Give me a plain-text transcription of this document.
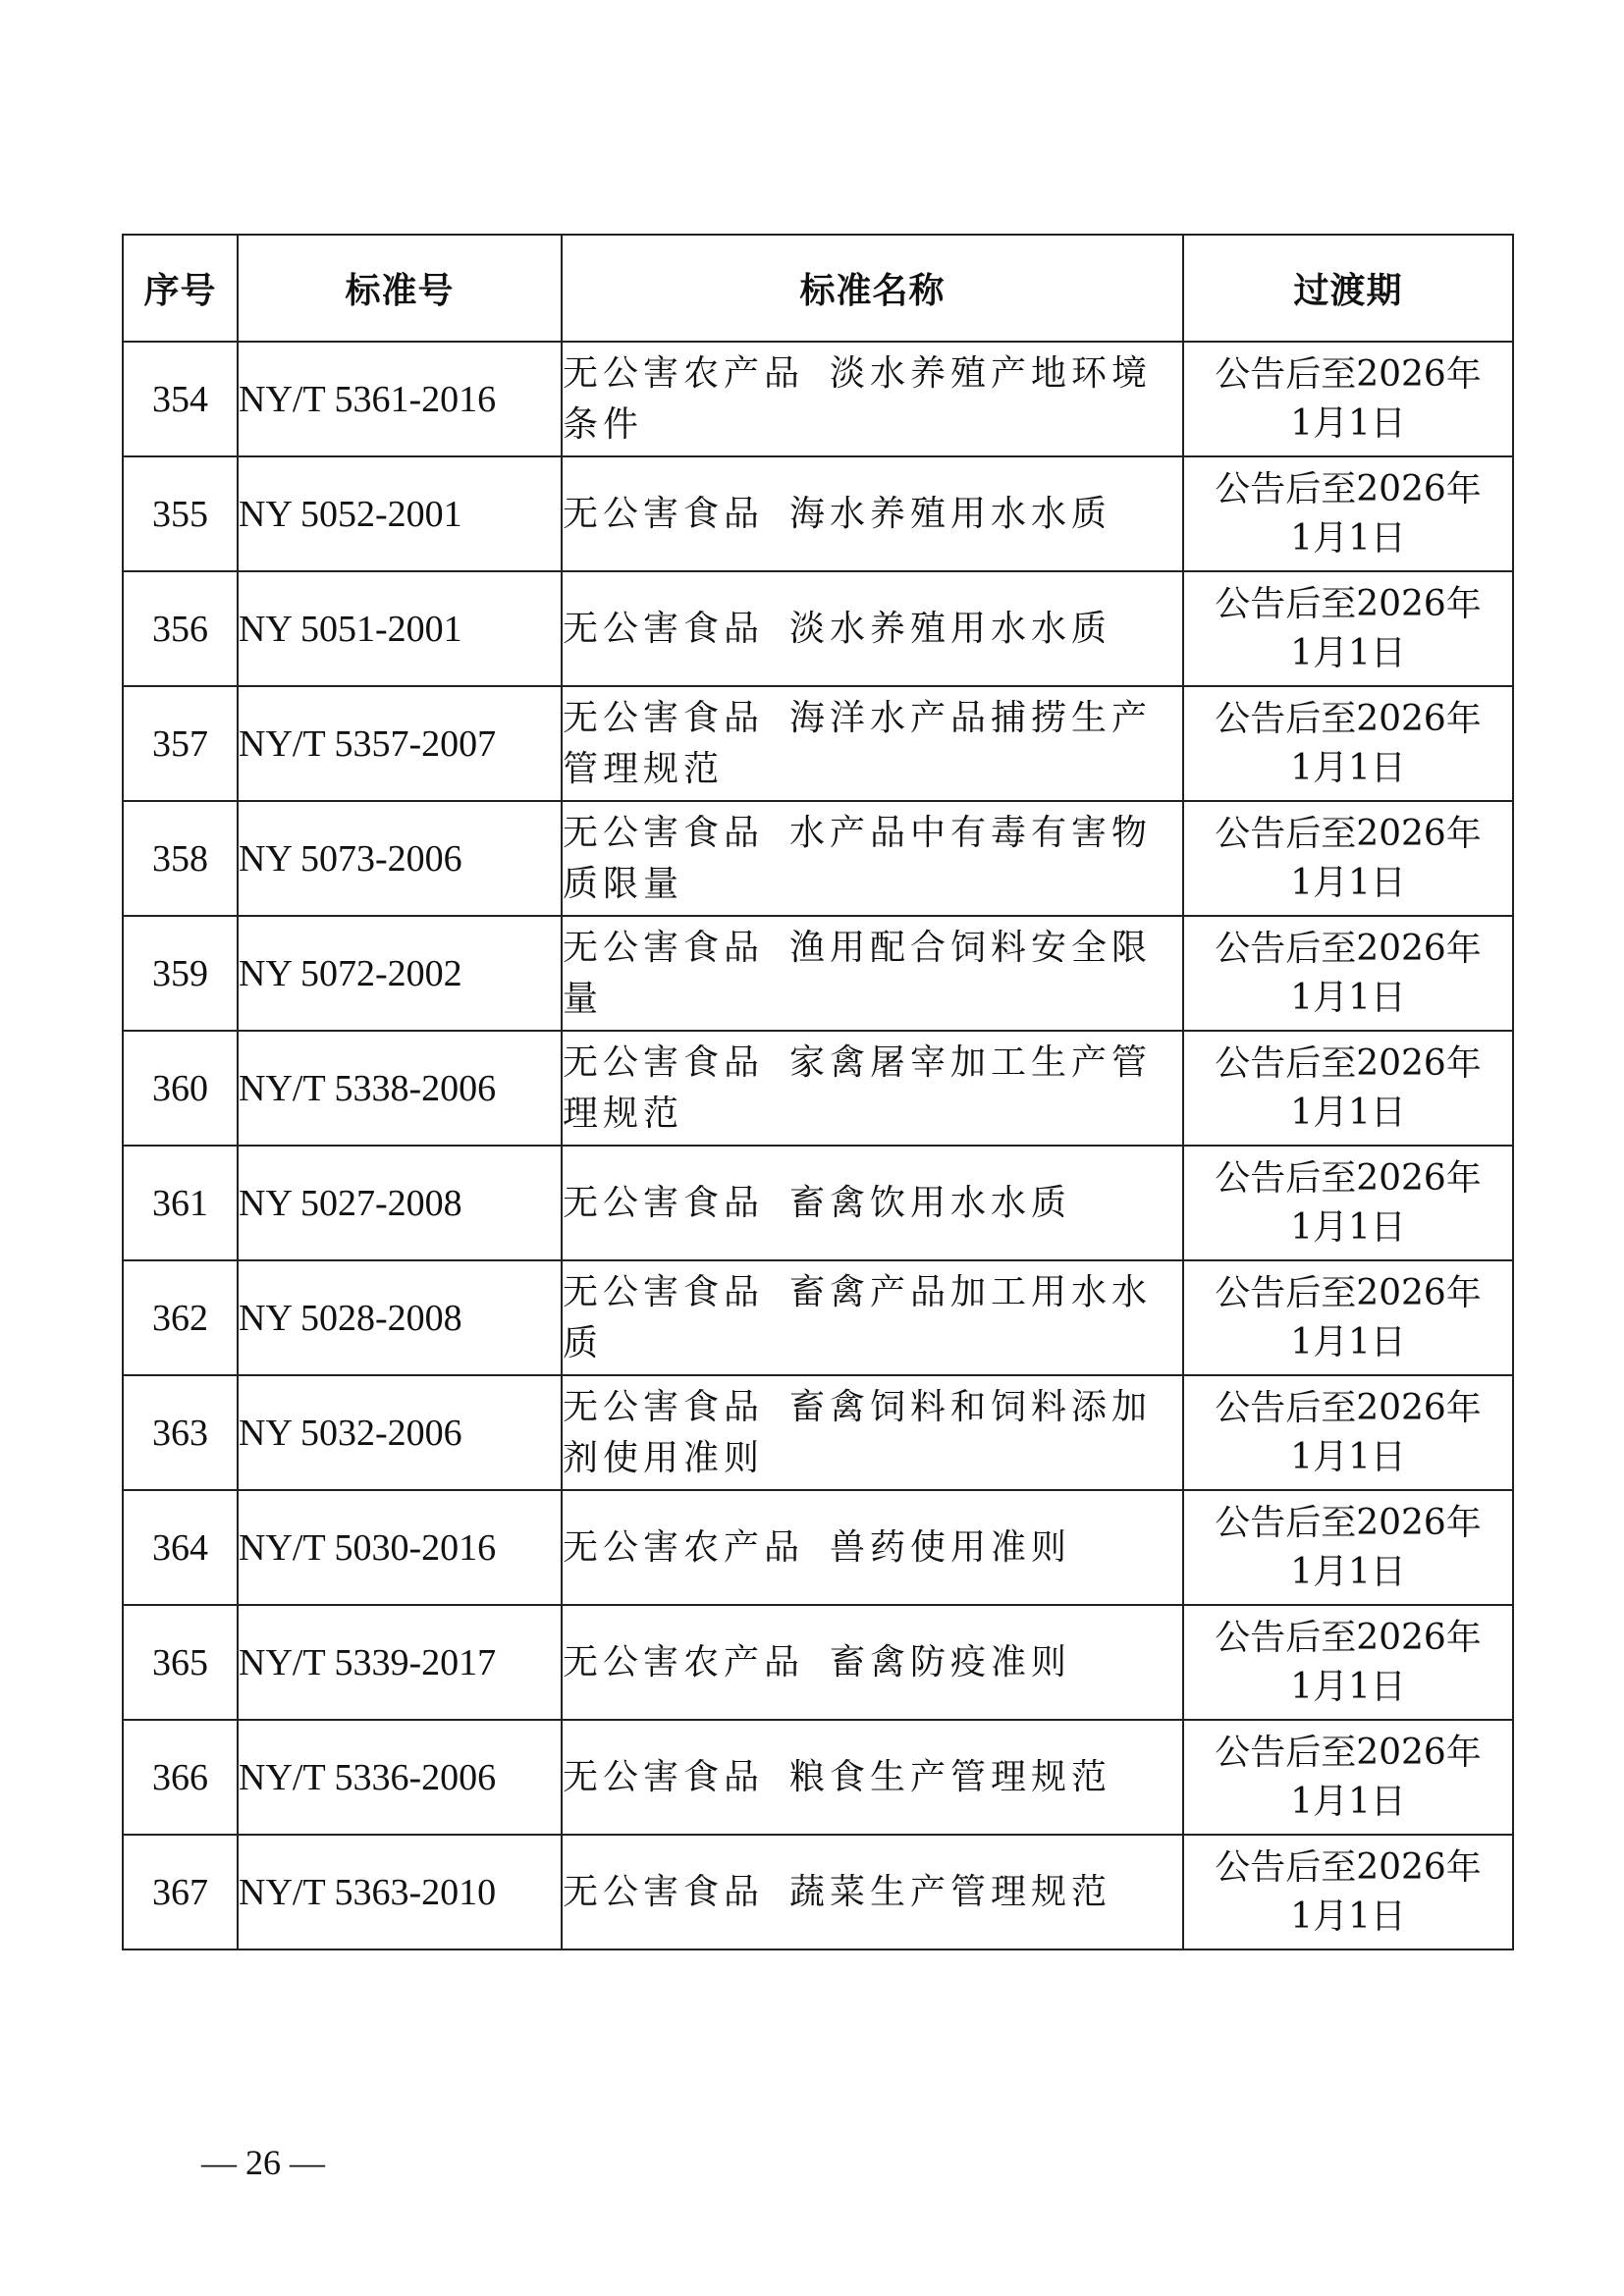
序号	标准号	标准名称	过渡期
354	NY/T 5361-2016	无公害农产品 淡水养殖产地环境条件	公告后至2026年
1月1日

355	NY 5052-2001	无公害食品 海水养殖用水水质	公告后至2026年
1月1日

356	NY 5051-2001	无公害食品 淡水养殖用水水质	公告后至2026年
1月1日

357	NY/T 5357-2007	无公害食品 海洋水产品捕捞生产管理规范	公告后至2026年
1月1日

358	NY 5073-2006	无公害食品 水产品中有毒有害物质限量	公告后至2026年
1月1日

359	NY 5072-2002	无公害食品 渔用配合饲料安全限量	公告后至2026年
1月1日

360	NY/T 5338-2006	无公害食品 家禽屠宰加工生产管理规范	公告后至2026年
1月1日

361	NY 5027-2008	无公害食品 畜禽饮用水水质	公告后至2026年
1月1日

362	NY 5028-2008	无公害食品 畜禽产品加工用水水质	公告后至2026年
1月1日

363	NY 5032-2006	无公害食品 畜禽饲料和饲料添加剂使用准则	公告后至2026年
1月1日

364	NY/T 5030-2016	无公害农产品 兽药使用准则	公告后至2026年
1月1日

365	NY/T 5339-2017	无公害农产品 畜禽防疫准则	公告后至2026年
1月1日

366	NY/T 5336-2006	无公害食品 粮食生产管理规范	公告后至2026年
1月1日

367	NY/T 5363-2010	无公害食品 蔬菜生产管理规范	公告后至2026年
1月1日
— 26 —
